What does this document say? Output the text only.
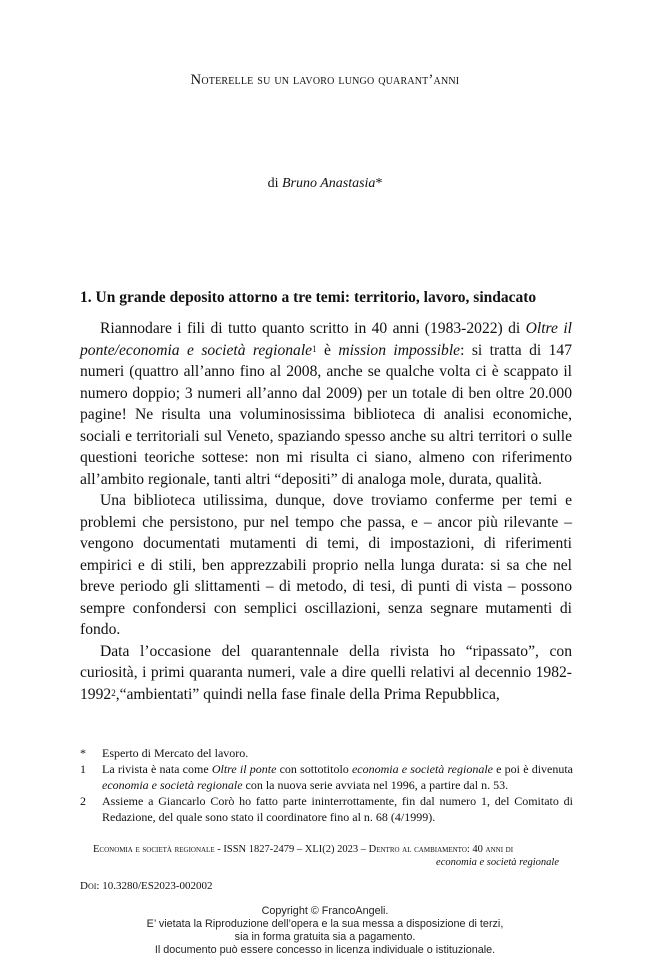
Noterelle su un lavoro lungo quarant’anni
di Bruno Anastasia*
1. Un grande deposito attorno a tre temi: territorio, lavoro, sindacato

Riannodare i fili di tutto quanto scritto in 40 anni (1983-2022) di Oltre il ponte/economia e società regionale$^1$ è mission impossible: si tratta di 147 numeri (quattro all’anno fino al 2008, anche se qualche volta ci è scappato il numero doppio; 3 numeri all’anno dal 2009) per un totale di ben oltre 20.000 pagine! Ne risulta una voluminosissima biblioteca di analisi economiche, sociali e territoriali sul Veneto, spaziando spesso anche su altri territori o sulle questioni teoriche sottese: non mi risulta ci siano, almeno con riferimento all’ambito regionale, tanti altri “depositi” di analoga mole, durata, qualità.

Una biblioteca utilissima, dunque, dove troviamo conferme per temi e problemi che persistono, pur nel tempo che passa, e – ancor più rilevante – vengono documentati mutamenti di temi, di impostazioni, di riferimenti empirici e di stili, ben apprezzabili proprio nella lunga durata: si sa che nel breve periodo gli slittamenti – di metodo, di tesi, di punti di vista – possono sempre confondersi con semplici oscillazioni, senza segnare mutamenti di fondo.

Data l’occasione del quarantennale della rivista ho “ripassato”, con curiosità, i primi quaranta numeri, vale a dire quelli relativi al decennio 1982-1992$^2$,“ambientati” quindi nella fase finale della Prima Repubblica,

*	Esperto di Mercato del lavoro.
1	La rivista è nata come Oltre il ponte con sottotitolo economia e società regionale e poi è divenuta economia e società regionale con la nuova serie avviata nel 1996, a partire dal n. 53.
2	Assieme a Giancarlo Corò ho fatto parte ininterrottamente, fin dal numero 1, del Comitato di Redazione, del quale sono stato il coordinatore fino al n. 68 (4/1999).
Economia e società regionale - ISSN 1827-2479 – XLI(2) 2023 – Dentro al cambiamento: 40 anni di
economia e società regionale
Doi: 10.3280/ES2023-002002
Copyright © FrancoAngeli.
E’ vietata la Riproduzione dell’opera e la sua messa a disposizione di terzi,
sia in forma gratuita sia a pagamento.
Il documento può essere concesso in licenza individuale o istituzionale.
